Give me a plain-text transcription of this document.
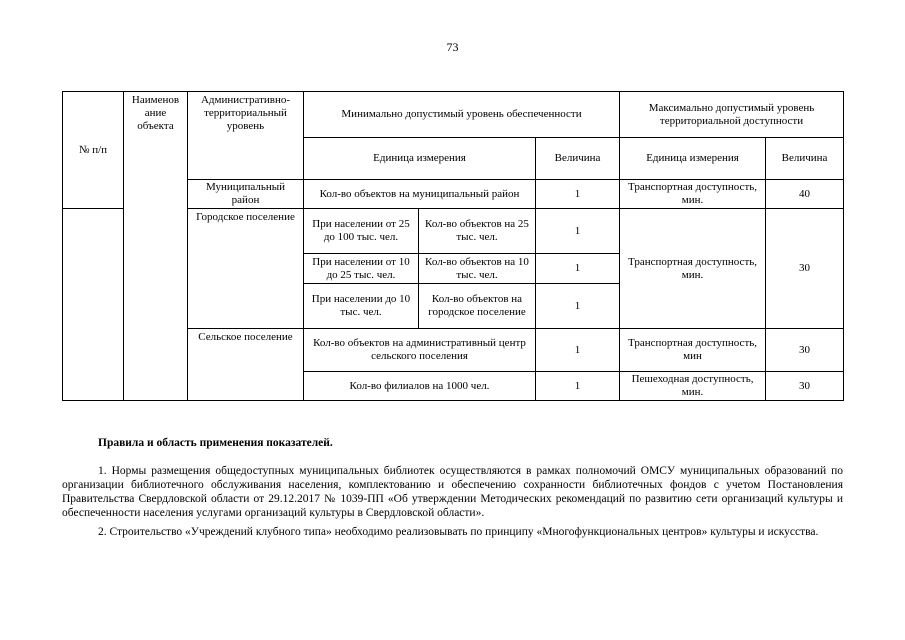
73
№ п/п	Наименов ание объекта	Административно-территориальный уровень	Минимально допустимый уровень обеспеченности			Максимально допустимый уровень территориальной доступности	
			Единица измерения		Величина	Единица измерения	Величина
		Муниципальный район	Кол-во объектов на муниципальный район		1	Транспортная доступность, мин.	40
		Городское поселение	При населении от 25 до 100 тыс. чел.	Кол-во объектов на 25 тыс. чел.	1	Транспортная доступность, мин.	30
			При населении от 10 до 25 тыс. чел.	Кол-во объектов на 10 тыс. чел.	1		
			При населении до 10 тыс. чел.	Кол-во объектов на городское поселение	1		
		Сельское поселение	Кол-во объектов на административный центр сельского поселения		1	Транспортная доступность, мин	30
			Кол-во филиалов на 1000 чел.		1	Пешеходная доступность, мин.	30
Правила и область применения показателей.

1. Нормы размещения общедоступных муниципальных библиотек осуществляются в рамках полномочий ОМСУ муниципальных образований по организации библиотечного обслуживания населения, комплектованию и обеспечению сохранности библиотечных фондов с учетом Постановления Правительства Свердловской области от 29.12.2017 № 1039-ПП «Об утверждении Методических рекомендаций по развитию сети организаций культуры и обеспеченности населения услугами организаций культуры в Свердловской области».

2. Строительство «Учреждений клубного типа» необходимо реализовывать по принципу «Многофункциональных центров» культуры и искусства.
